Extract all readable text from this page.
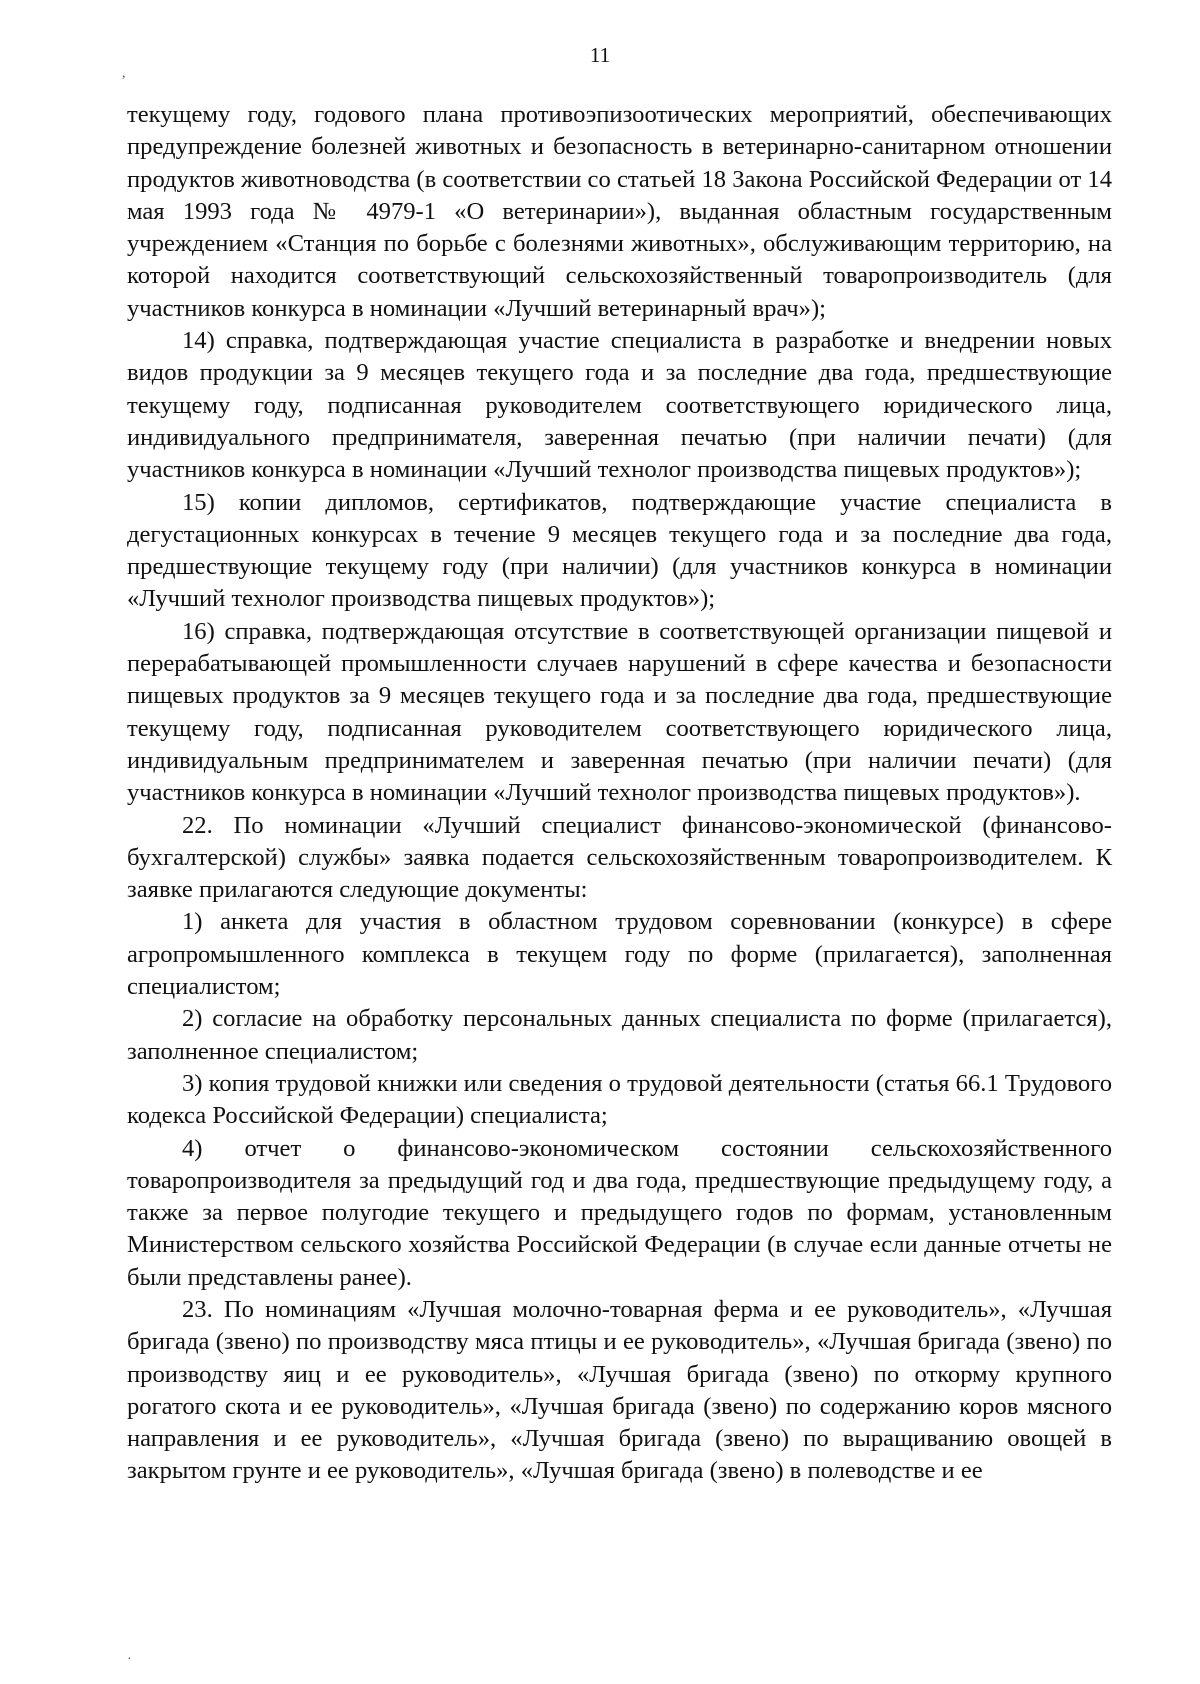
11
,

текущему году, годового плана противоэпизоотических мероприятий, обеспечивающих предупреждение болезней животных и безопасность в ветеринарно-санитарном отношении продуктов животноводства (в соответствии со статьей 18 Закона Российской Федерации от 14 мая 1993 года № 4979-1 «О ветеринарии»), выданная областным государственным учреждением «Станция по борьбе с болезнями животных», обслуживающим территорию, на которой находится соответствующий сельскохозяйственный товаропроизводитель (для участников конкурса в номинации «Лучший ветеринарный врач»);

14) справка, подтверждающая участие специалиста в разработке и внедрении новых видов продукции за 9 месяцев текущего года и за последние два года, предшествующие текущему году, подписанная руководителем соответствующего юридического лица, индивидуального предпринимателя, заверенная печатью (при наличии печати) (для участников конкурса в номинации «Лучший технолог производства пищевых продуктов»);

15) копии дипломов, сертификатов, подтверждающие участие специалиста в дегустационных конкурсах в течение 9 месяцев текущего года и за последние два года, предшествующие текущему году (при наличии) (для участников конкурса в номинации «Лучший технолог производства пищевых продуктов»);

16) справка, подтверждающая отсутствие в соответствующей организации пищевой и перерабатывающей промышленности случаев нарушений в сфере качества и безопасности пищевых продуктов за 9 месяцев текущего года и за последние два года, предшествующие текущему году, подписанная руководителем соответствующего юридического лица, индивидуальным предпринимателем и заверенная печатью (при наличии печати) (для участников конкурса в номинации «Лучший технолог производства пищевых продуктов»).

22. По номинации «Лучший специалист финансово-экономической (финансово-бухгалтерской) службы» заявка подается сельскохозяйственным товаропроизводителем. К заявке прилагаются следующие документы:

1) анкета для участия в областном трудовом соревновании (конкурсе) в сфере агропромышленного комплекса в текущем году по форме (прилагается), заполненная специалистом;

2) согласие на обработку персональных данных специалиста по форме (прилагается), заполненное специалистом;

3) копия трудовой книжки или сведения о трудовой деятельности (статья 66.1 Трудового кодекса Российской Федерации) специалиста;

4) отчет о финансово-экономическом состоянии сельскохозяйственного товаропроизводителя за предыдущий год и два года, предшествующие предыдущему году, а также за первое полугодие текущего и предыдущего годов по формам, установленным Министерством сельского хозяйства Российской Федерации (в случае если данные отчеты не были представлены ранее).

23. По номинациям «Лучшая молочно-товарная ферма и ее руководитель», «Лучшая бригада (звено) по производству мяса птицы и ее руководитель», «Лучшая бригада (звено) по производству яиц и ее руководитель», «Лучшая бригада (звено) по откорму крупного рогатого скота и ее руководитель», «Лучшая бригада (звено) по содержанию коров мясного направления и ее руководитель», «Лучшая бригада (звено) по выращиванию овощей в закрытом грунте и ее руководитель», «Лучшая бригада (звено) в полеводстве и ее

·
